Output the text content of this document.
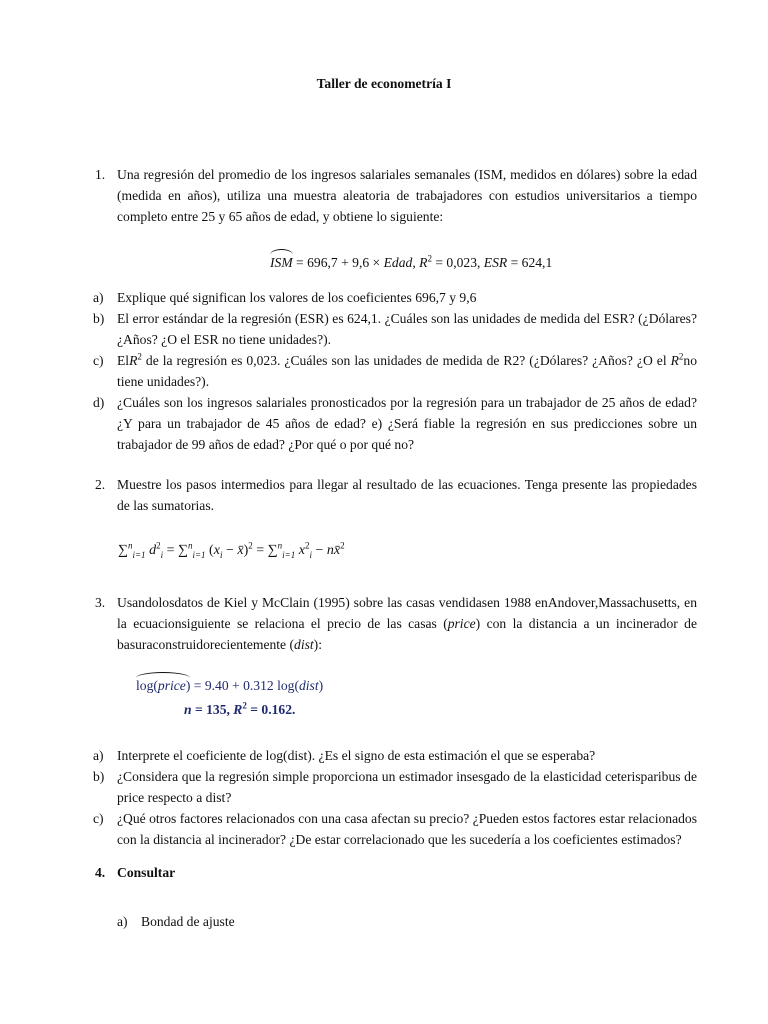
Taller de econometría I
1. Una regresión del promedio de los ingresos salariales semanales (ISM, medidos en dólares) sobre la edad (medida en años), utiliza una muestra aleatoria de trabajadores con estudios universitarios a tiempo completo entre 25 y 65 años de edad, y obtiene lo siguiente:
ISM = 696,7 + 9,6 × Edad, $R^2 = 0,023$, ESR = 624,1
a) Explique qué significan los valores de los coeficientes 696,7 y 9,6
b) El error estándar de la regresión (ESR) es 624,1. ¿Cuáles son las unidades de medida del ESR? (¿Dólares? ¿Años? ¿O el ESR no tiene unidades?).
c) ElR$^2$ de la regresión es 0,023. ¿Cuáles son las unidades de medida de R2? (¿Dólares? ¿Años? ¿O el $R^2no$ tiene unidades?).
d) ¿Cuáles son los ingresos salariales pronosticados por la regresión para un trabajador de 25 años de edad? ¿Y para un trabajador de 45 años de edad? e) ¿Será fiable la regresión en sus predicciones sobre un trabajador de 99 años de edad? ¿Por qué o por qué no?
2. Muestre los pasos intermedios para llegar al resultado de las ecuaciones. Tenga presente las propiedades de las sumatorias.
∑$^n_{i=1}$ $d^2_i = \sum^n_{i=1}$ ($x_i$ − x̄)$^2$ = ∑$^n_{i=1}$ $x^2_i$ − nx̄$^2$
3. Usandolosdatos de Kiel y McClain (1995) sobre las casas vendidasen 1988 enAndover,Massachusetts, en la ecuacionsiguiente se relaciona el precio de las casas (price) con la distancia a un incinerador de basuraconstruidorecientemente (dist):
log(price) = 9.40 + 0.312 log(dist)
n = 135, $R^2 = 0.162$.
a) Interprete el coeficiente de log(dist). ¿Es el signo de esta estimación el que se esperaba?
b) ¿Considera que la regresión simple proporciona un estimador insesgado de la elasticidad ceterisparibus de price respecto a dist?
c) ¿Qué otros factores relacionados con una casa afectan su precio? ¿Pueden estos factores estar relacionados con la distancia al incinerador? ¿De estar correlacionado que les sucedería a los coeficientes estimados?
4. Consultar
a) Bondad de ajuste
